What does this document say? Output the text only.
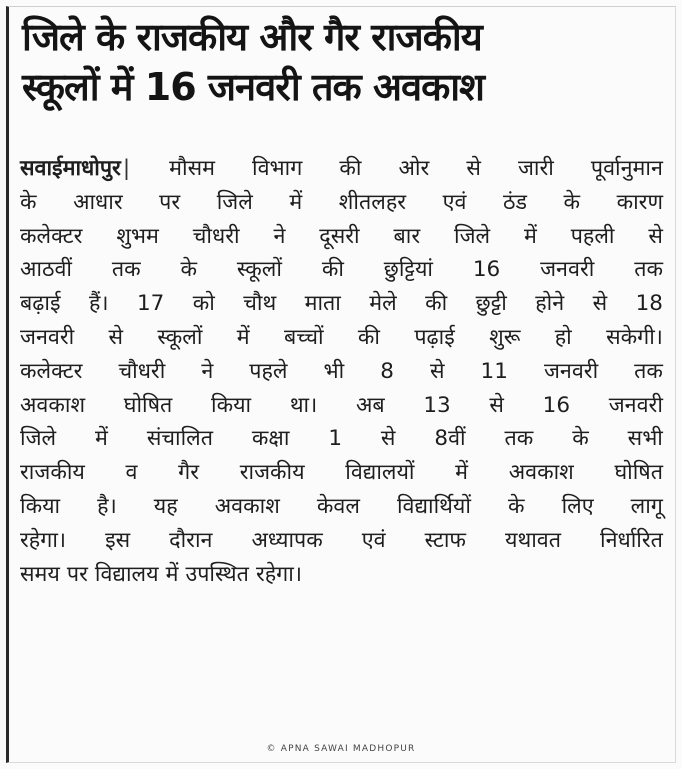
जिले के राजकीय और गैर राजकीय
स्कूलों में 16 जनवरी तक अवकाश
सवाईमाधोपुर| मौसम विभाग की ओर से जारी पूर्वानुमान
के आधार पर जिले में शीतलहर एवं ठंड के कारण
कलेक्टर शुभम चौधरी ने दूसरी बार जिले में पहली से
आठवीं तक के स्कूलों की छुट्टियां 16 जनवरी तक
बढ़ाई हैं। 17 को चौथ माता मेले की छुट्टी होने से 18
जनवरी से स्कूलों में बच्चों की पढ़ाई शुरू हो सकेगी।
कलेक्टर चौधरी ने पहले भी 8 से 11 जनवरी तक
अवकाश घोषित किया था। अब 13 से 16 जनवरी
जिले में संचालित कक्षा 1 से 8वीं तक के सभी
राजकीय व गैर राजकीय विद्यालयों में अवकाश घोषित
किया है। यह अवकाश केवल विद्यार्थियों के लिए लागू
रहेगा। इस दौरान अध्यापक एवं स्टाफ यथावत निर्धारित
समय पर विद्यालय में उपस्थित रहेगा।
© APNA SAWAI MADHOPUR
